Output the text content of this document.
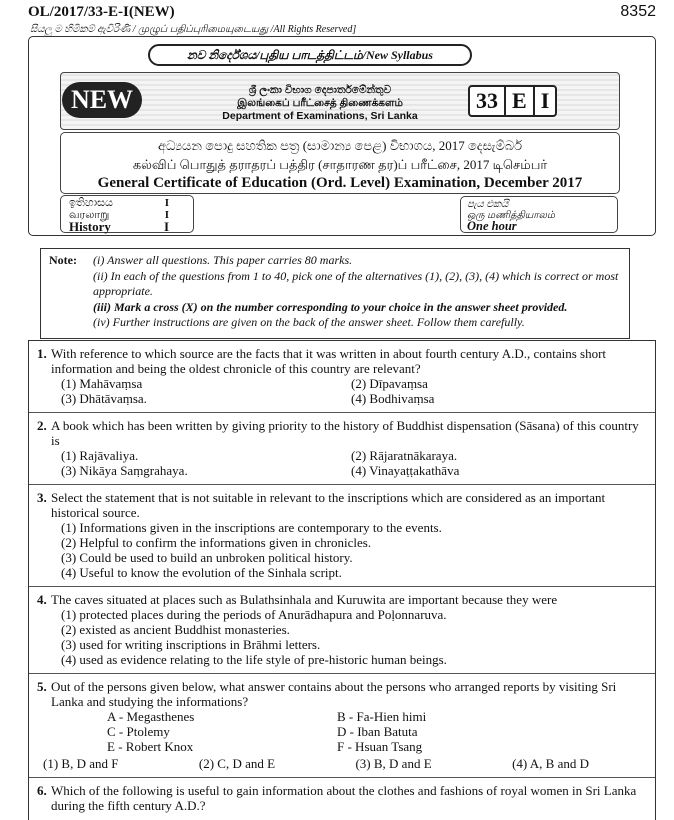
OL/2017/33-E-I(NEW)	8352
සියලු ම හිමිකම් ඇවිරිණි / முழுப் பதிப்புரிமையுடையது /All Rights Reserved]
නව නිර්දේශය/புதிய பாடத்திட்டம்/New Syllabus
NEW	ශ්‍රී ලංකා විභාග දෙපාර්තමේන්තුව
இலங்கைப் பரீட்சைத் திணைக்களம்
Department of Examinations, Sri Lanka
33 E I
අධ්‍යයන පොදු සහතික පත්‍ර (සාමාන්‍ය පෙළ) විභාගය, 2017 දෙසැම්බර්
கல்விப் பொதுத் தராதரப் பத்திர (சாதாரண தர)ப் பரீட்சை, 2017 டிசெம்பர்
General Certificate of Education (Ord. Level) Examination, December 2017
ඉතිහාසය	I
வரலாறு	I
History	I
පැය එකයි
ஒரு மணித்தியாலம்
One hour
Note:	(i) Answer all questions. This paper carries 80 marks.
(ii) In each of the questions from 1 to 40, pick one of the alternatives (1), (2), (3), (4) which is correct or most appropriate.
(iii) Mark a cross (X) on the number corresponding to your choice in the answer sheet provided.
(iv) Further instructions are given on the back of the answer sheet. Follow them carefully.
1. With reference to which source are the facts that it was written in about fourth century A.D., contains short information and being the oldest chronicle of this country are relevant?
(1) Mahāvaṃsa	(2) Dīpavaṃsa
(3) Dhātāvaṃsa.	(4) Bodhivaṃsa
2. A book which has been written by giving priority to the history of Buddhist dispensation (Sāsana) of this country is
(1) Rajāvaliya.	(2) Rājaratnākaraya.
(3) Nikāya Saṃgrahaya.	(4) Vinayaṭṭakathāva
3. Select the statement that is not suitable in relevant to the inscriptions which are considered as an important historical source.
(1) Informations given in the inscriptions are contemporary to the events.
(2) Helpful to confirm the informations given in chronicles.
(3) Could be used to build an unbroken political history.
(4) Useful to know the evolution of the Sinhala script.
4. The caves situated at places such as Bulathsinhala and Kuruwita are important because they were
(1) protected places during the periods of Anurādhapura and Poḷonnaruva.
(2) existed as ancient Buddhist monasteries.
(3) used for writing inscriptions in Brāhmi letters.
(4) used as evidence relating to the life style of pre-historic human beings.
5. Out of the persons given below, what answer contains about the persons who arranged reports by visiting Sri Lanka and studying the informations?
A - Megasthenes	B - Fa-Hien himi
C - Ptolemy	D - Iban Batuta
E - Robert Knox	F - Hsuan Tsang
(1) B, D and F	(2) C, D and E	(3) B, D and E	(4) A, B and D
6. Which of the following is useful to gain information about the clothes and fashions of royal women in Sri Lanka during the fifth century A.D.?
